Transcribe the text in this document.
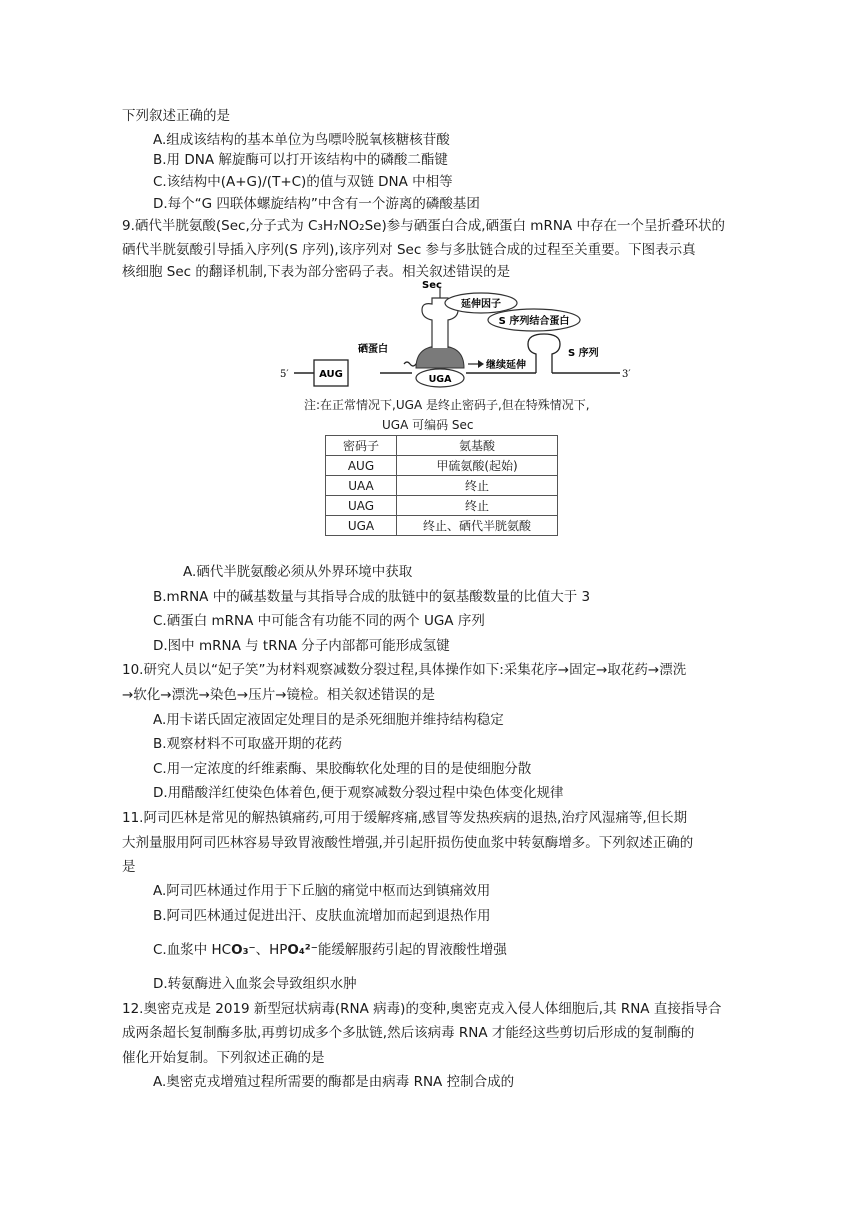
下列叙述正确的是
A.组成该结构的基本单位为鸟嘌呤脱氧核糖核苷酸
B.用 DNA 解旋酶可以打开该结构中的磷酸二酯键
C.该结构中(A+G)/(T+C)的值与双链 DNA 中相等
D.每个“G 四联体螺旋结构”中含有一个游离的磷酸基团
9.硒代半胱氨酸(Sec,分子式为 C₃H₇NO₂Se)参与硒蛋白合成,硒蛋白 mRNA 中存在一个呈折叠环状的
硒代半胱氨酸引导插入序列(S 序列),该序列对 Sec 参与多肽链合成的过程至关重要。下图表示真
核细胞 Sec 的翻译机制,下表为部分密码子表。相关叙述错误的是
AUG
5′	3′
硒蛋白
UGA
Sec
延伸因子
S 序列结合蛋白
S 序列
继续延伸
注:在正常情况下,UGA 是终止密码子,但在特殊情况下,
UGA 可编码 Sec
密码子	氨基酸
AUG	甲硫氨酸(起始)
UAA	终止
UAG	终止
UGA	终止、硒代半胱氨酸
A.硒代半胱氨酸必须从外界环境中获取
B.mRNA 中的碱基数量与其指导合成的肽链中的氨基酸数量的比值大于 3
C.硒蛋白 mRNA 中可能含有功能不同的两个 UGA 序列
D.图中 mRNA 与 tRNA 分子内部都可能形成氢键
10.研究人员以“妃子笑”为材料观察减数分裂过程,具体操作如下:采集花序→固定→取花药→漂洗
→软化→漂洗→染色→压片→镜检。相关叙述错误的是
A.用卡诺氏固定液固定处理目的是杀死细胞并维持结构稳定
B.观察材料不可取盛开期的花药
C.用一定浓度的纤维素酶、果胶酶软化处理的目的是使细胞分散
D.用醋酸洋红使染色体着色,便于观察减数分裂过程中染色体变化规律
11.阿司匹林是常见的解热镇痛药,可用于缓解疼痛,感冒等发热疾病的退热,治疗风湿痛等,但长期
大剂量服用阿司匹林容易导致胃液酸性增强,并引起肝损伤使血浆中转氨酶增多。下列叙述正确的
是
A.阿司匹林通过作用于下丘脑的痛觉中枢而达到镇痛效用
B.阿司匹林通过促进出汗、皮肤血流增加而起到退热作用
C.血浆中 HCO₃⁻、HPO₄²⁻能缓解服药引起的胃液酸性增强
D.转氨酶进入血浆会导致组织水肿
12.奥密克戎是 2019 新型冠状病毒(RNA 病毒)的变种,奥密克戎入侵人体细胞后,其 RNA 直接指导合
成两条超长复制酶多肽,再剪切成多个多肽链,然后该病毒 RNA 才能经这些剪切后形成的复制酶的
催化开始复制。下列叙述正确的是
A.奥密克戎增殖过程所需要的酶都是由病毒 RNA 控制合成的
